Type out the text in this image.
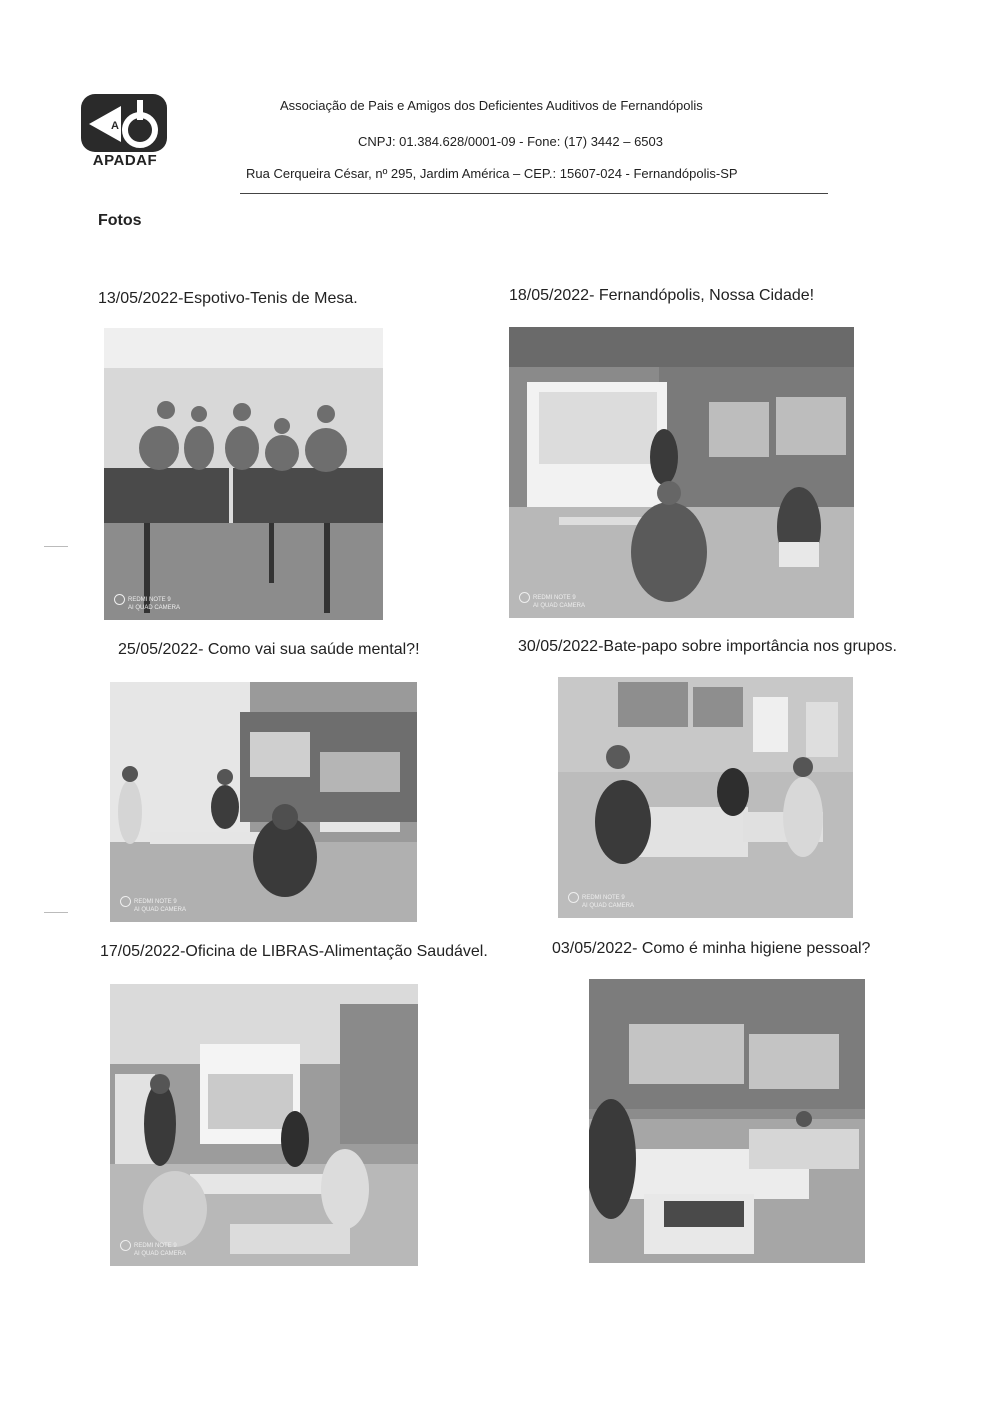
A
APADAF
Associação de Pais e Amigos dos Deficientes Auditivos de Fernandópolis
CNPJ: 01.384.628/0001-09 - Fone: (17) 3442 – 6503
Rua Cerqueira César, nº 295, Jardim América – CEP.: 15607-024 - Fernandópolis-SP
Fotos
13/05/2022-Espotivo-Tenis de Mesa.	18/05/2022- Fernandópolis, Nossa Cidade!
REDMI NOTE 9
AI QUAD CAMERA
REDMI NOTE 9
AI QUAD CAMERA
25/05/2022- Como vai sua saúde mental?!	30/05/2022-Bate-papo sobre importância nos grupos.
REDMI NOTE 9
AI QUAD CAMERA
REDMI NOTE 9
AI QUAD CAMERA
17/05/2022-Oficina de LIBRAS-Alimentação Saudável.	03/05/2022- Como é minha higiene pessoal?
REDMI NOTE 9
AI QUAD CAMERA
